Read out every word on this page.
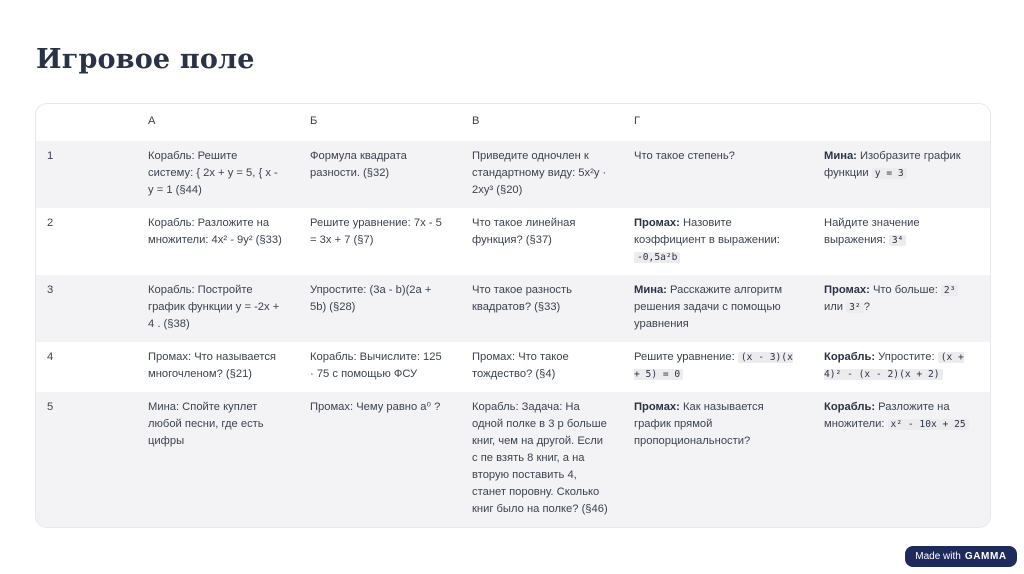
Игровое поле
	А	Б	В	Г	
1	Корабль: Решите систему: { 2x + y = 5, { x - y = 1 (§44)	Формула квадрата разности. (§32)	Приведите одночлен к стандартному виду: 5x²y · 2xy³ (§20)	Что такое степень?	Мина: Изобразите график функции y = 3
2	Корабль: Разложите на множители: 4x² - 9y² (§33)	Решите уравнение: 7x - 5 = 3x + 7 (§7)	Что такое линейная функция? (§37)	Промах: Назовите коэффициент в выражении: -0,5a²b	Найдите значение выражения: 3⁴
3	Корабль: Постройте график функции y = -2x + 4 . (§38)	Упростите: (3a - b)(2a + 5b) (§28)	Что такое разность квадратов? (§33)	Мина: Расскажите алгоритм решения задачи с помощью уравнения	Промах: Что больше: 2³ или 3² ?
4	Промах: Что называется многочленом? (§21)	Корабль: Вычислите: 125 · 75 с помощью ФСУ	Промах: Что такое тождество? (§4)	Решите уравнение: (x - 3)(x + 5) = 0	Корабль: Упростите: (x + 4)² - (x - 2)(x + 2)
5	Мина: Спойте куплет любой песни, где есть цифры	Промах: Чему равно a⁰ ?	Корабль: Задача: На одной полке в 3 р больше книг, чем на другой. Если с пе взять 8 книг, а на вторую поставить 4, станет поровну. Сколько книг было на полке? (§46)	Промах: Как называется график прямой пропорциональности?	Корабль: Разложите на множители: x² - 10x + 25
Made with GAMMA
